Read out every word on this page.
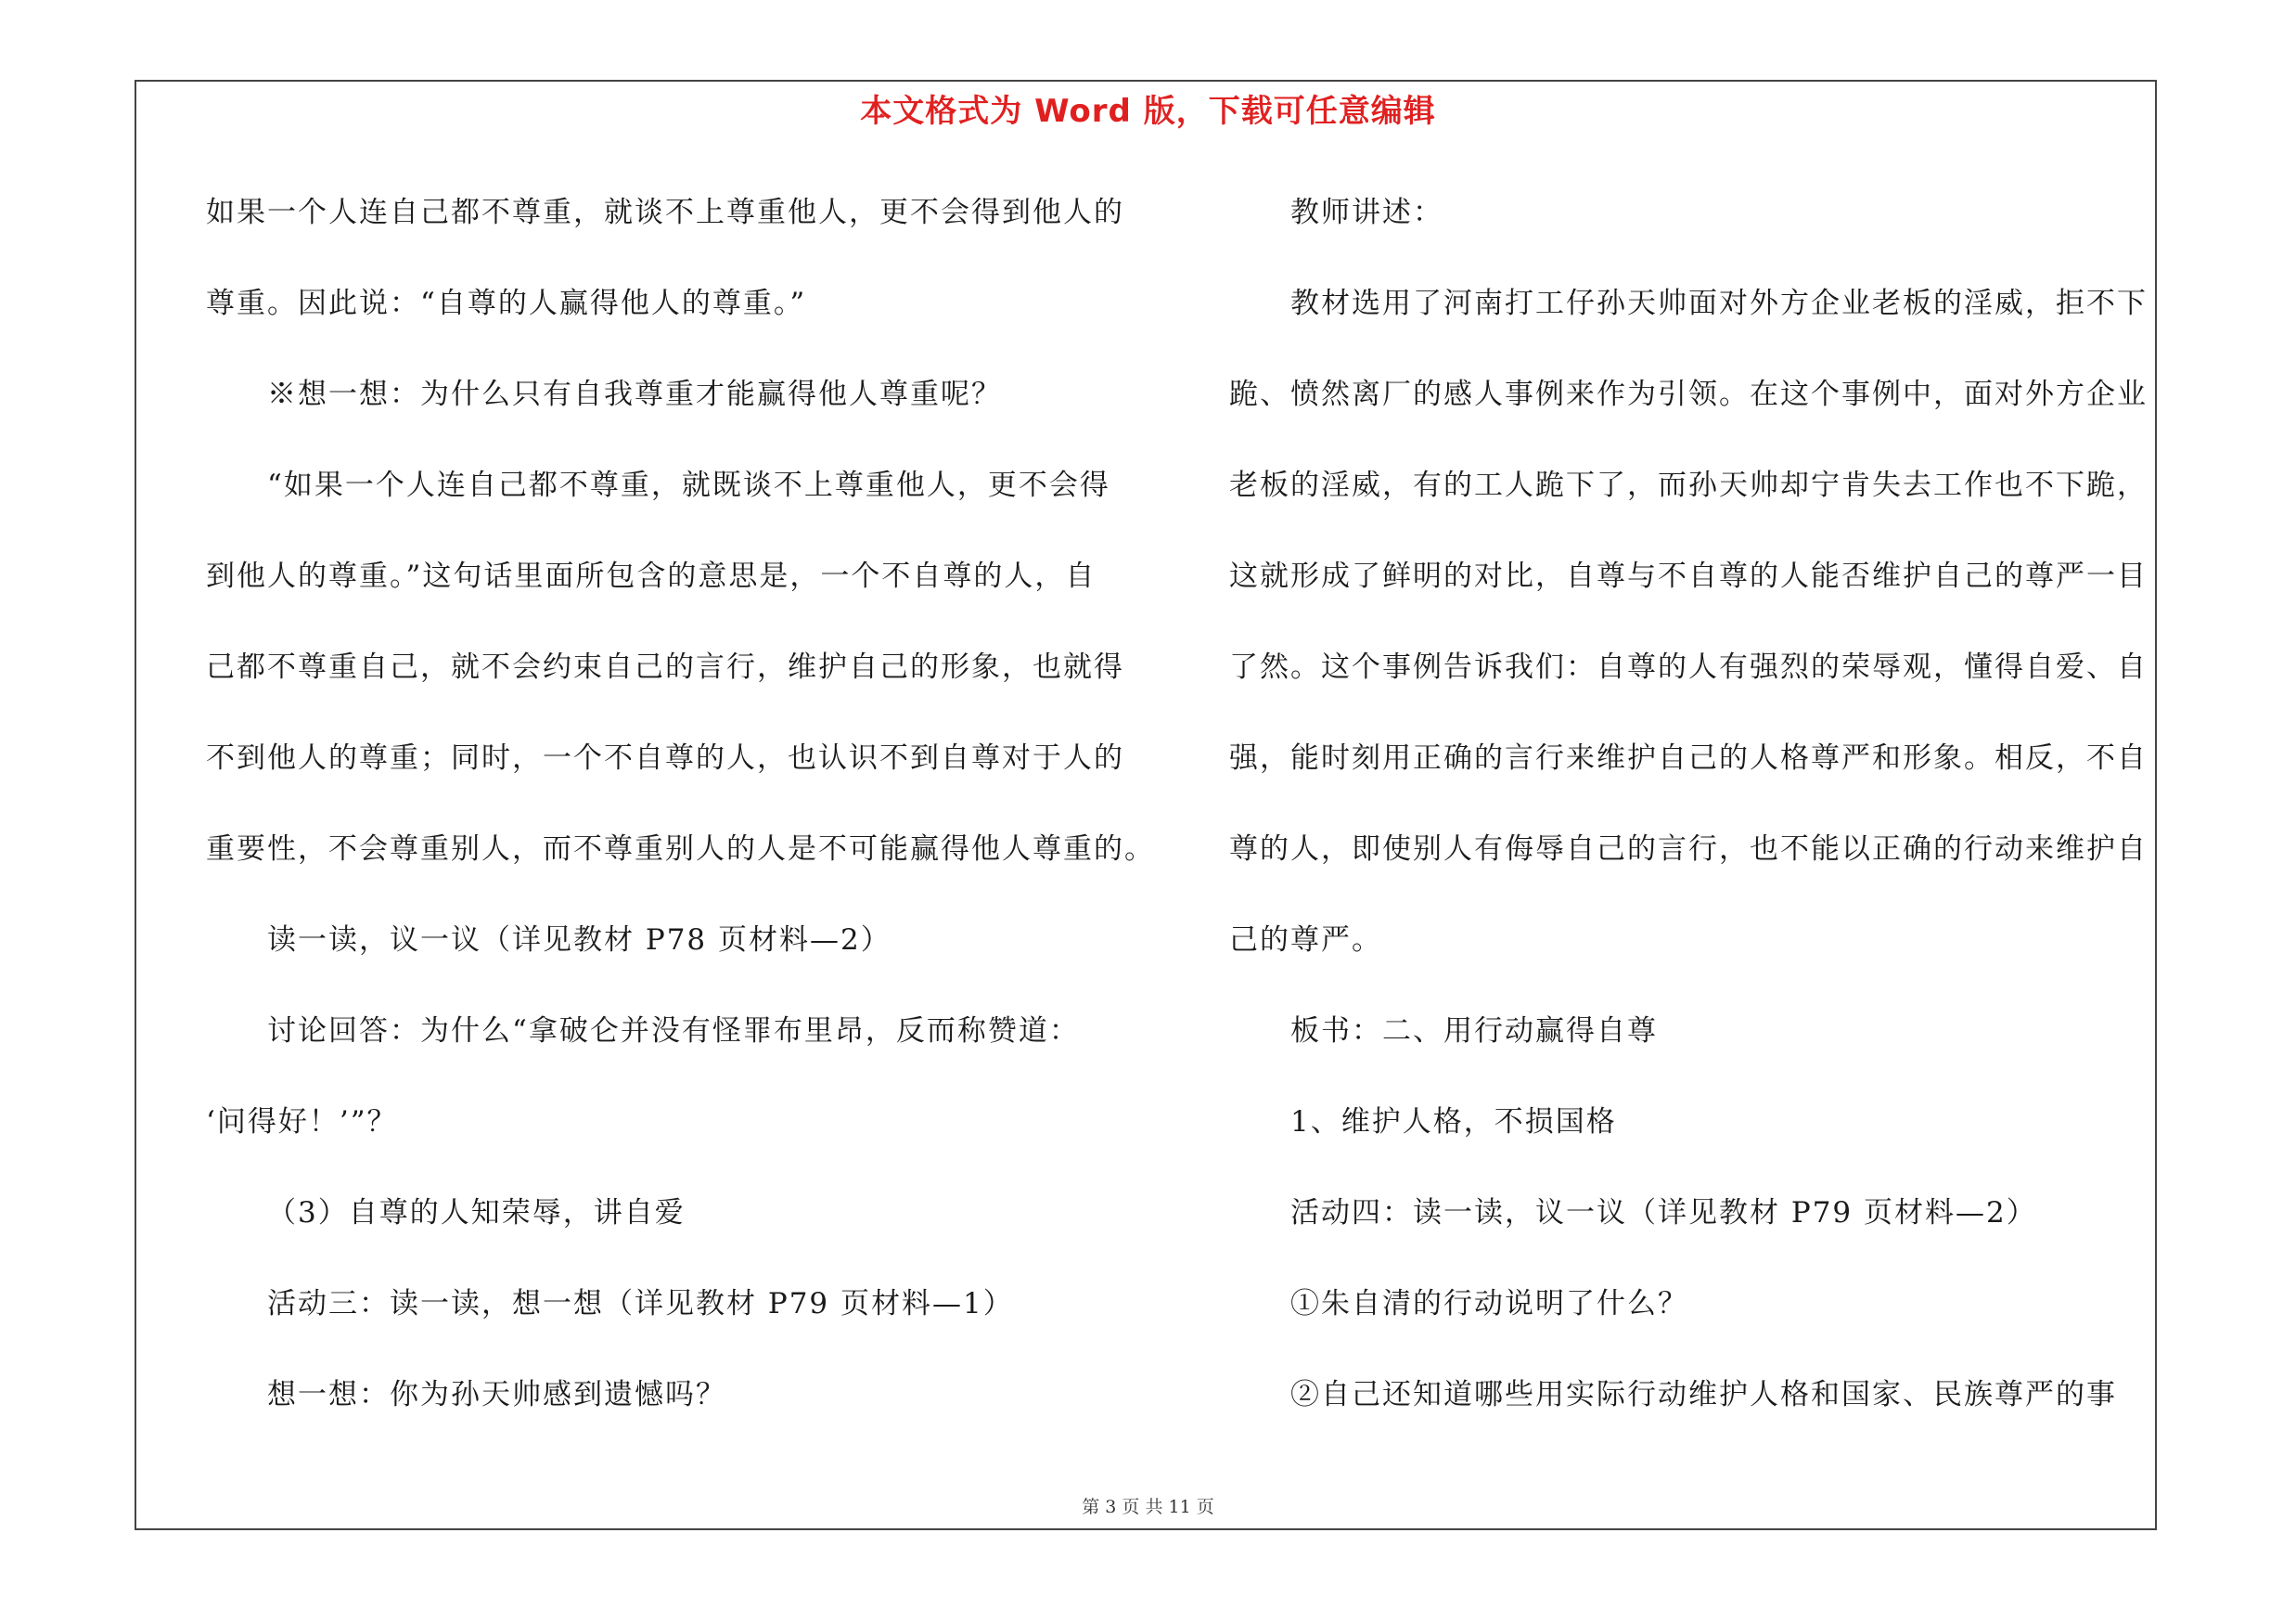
本文格式为 Word 版，下载可任意编辑
如果一个人连自己都不尊重，就谈不上尊重他人，更不会得到他人的
尊重。因此说：“自尊的人赢得他人的尊重。”
※想一想：为什么只有自我尊重才能赢得他人尊重呢？
“如果一个人连自己都不尊重，就既谈不上尊重他人，更不会得
到他人的尊重。”这句话里面所包含的意思是，一个不自尊的人，自
己都不尊重自己，就不会约束自己的言行，维护自己的形象，也就得
不到他人的尊重；同时，一个不自尊的人，也认识不到自尊对于人的
重要性，不会尊重别人，而不尊重别人的人是不可能赢得他人尊重的。
读一读，议一议（详见教材 P78 页材料—2）
讨论回答：为什么“拿破仑并没有怪罪布里昂，反而称赞道：
‘问得好！’”？
（3）自尊的人知荣辱，讲自爱
活动三：读一读，想一想（详见教材 P79 页材料—1）
想一想：你为孙天帅感到遗憾吗？
教师讲述：
教材选用了河南打工仔孙天帅面对外方企业老板的淫威，拒不下
跪、愤然离厂的感人事例来作为引领。在这个事例中，面对外方企业
老板的淫威，有的工人跪下了，而孙天帅却宁肯失去工作也不下跪，
这就形成了鲜明的对比，自尊与不自尊的人能否维护自己的尊严一目
了然。这个事例告诉我们：自尊的人有强烈的荣辱观，懂得自爱、自
强，能时刻用正确的言行来维护自己的人格尊严和形象。相反，不自
尊的人，即使别人有侮辱自己的言行，也不能以正确的行动来维护自
己的尊严。
板书：二、用行动赢得自尊
1、维护人格，不损国格
活动四：读一读，议一议（详见教材 P79 页材料—2）
①朱自清的行动说明了什么？
②自己还知道哪些用实际行动维护人格和国家、民族尊严的事
第 3 页 共 11 页
